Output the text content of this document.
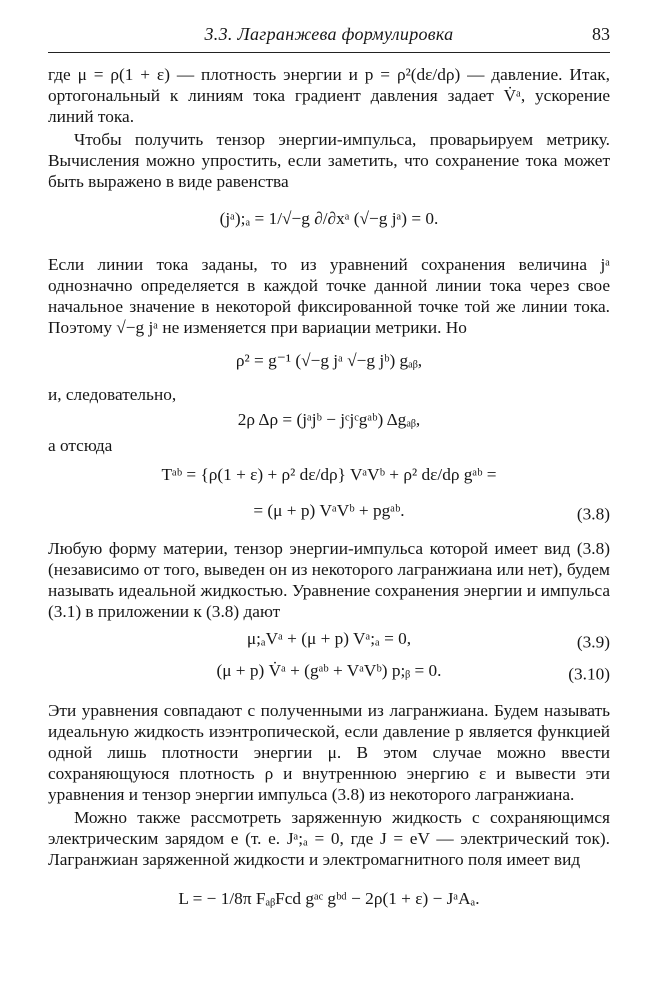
3.3. Лагранжева формулировка	83

где μ = ρ(1 + ε) — плотность энергии и p = ρ²(dε/dρ) — давление. Итак, ортогональный к линиям тока градиент давления задает V̇ᵃ, ускорение линий тока.

Чтобы получить тензор энергии-импульса, проварьируем метрику. Вычисления можно упростить, если заметить, что сохранение тока может быть выражено в виде равенства

(jᵃ);ₐ = 1/√−g ∂/∂xᵃ (√−g jᵃ) = 0.

Если линии тока заданы, то из уравнений сохранения величина jᵃ однозначно определяется в каждой точке данной линии тока через свое начальное значение в некоторой фиксированной точке той же линии тока. Поэтому √−g jᵃ не изменяется при вариации метрики. Но

ρ² = g⁻¹ (√−g jᵃ √−g jᵇ) gₐᵦ,

и, следовательно,

2ρ Δρ = (jᵃjᵇ − jᶜjᶜgᵃᵇ) Δgₐᵦ,

а отсюда

Tᵃᵇ = {ρ(1 + ε) + ρ² dε/dρ} VᵃVᵇ + ρ² dε/dρ gᵃᵇ =
= (μ + p) VᵃVᵇ + pgᵃᵇ.	(3.8)

Любую форму материи, тензор энергии-импульса которой имеет вид (3.8) (независимо от того, выведен он из некоторого лагранжиана или нет), будем называть идеальной жидкостью. Уравнение сохранения энергии и импульса (3.1) в приложении к (3.8) дают

μ;ₐVᵃ + (μ + p) Vᵃ;ₐ = 0,	(3.9)
(μ + p) V̇ᵃ + (gᵃᵇ + VᵃVᵇ) p;ᵦ = 0.	(3.10)

Эти уравнения совпадают с полученными из лагранжиана. Будем называть идеальную жидкость изэнтропической, если давление p является функцией одной лишь плотности энергии μ. В этом случае можно ввести сохраняющуюся плотность ρ и внутреннюю энергию ε и вывести эти уравнения и тензор энергии импульса (3.8) из некоторого лагранжиана.

Можно также рассмотреть заряженную жидкость с сохраняющимся электрическим зарядом e (т. е. Jᵃ;ₐ = 0, где J = eV — электрический ток). Лагранжиан заряженной жидкости и электромагнитного поля имеет вид

L = − 1/8π FₐᵦFcd gᵃᶜ gᵇᵈ − 2ρ(1 + ε) − JᵃAₐ.
